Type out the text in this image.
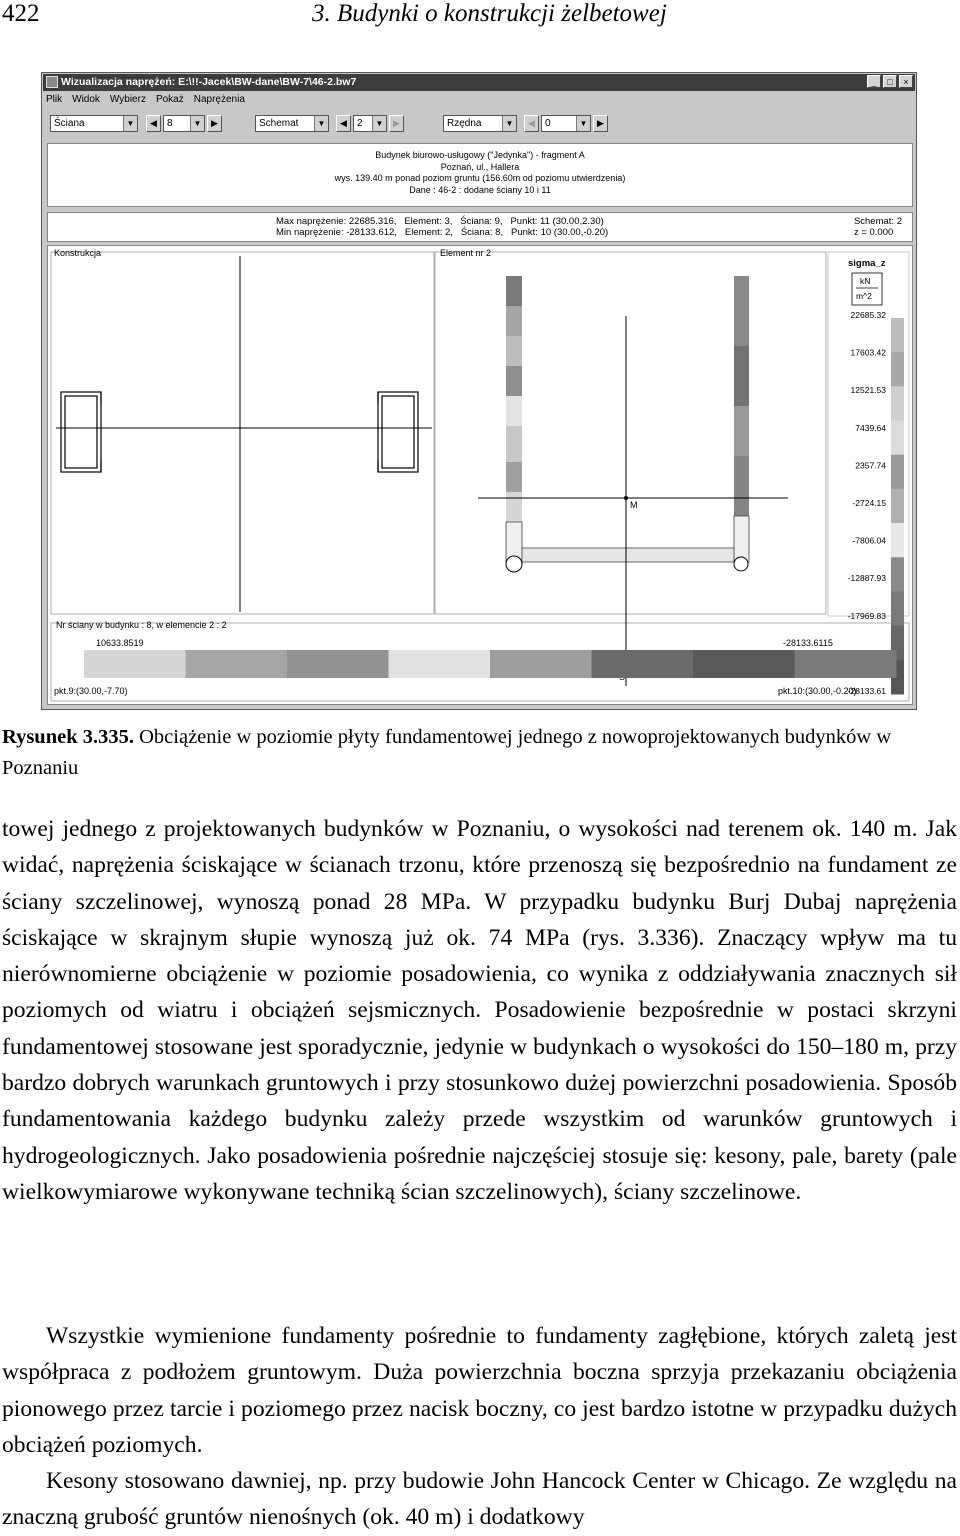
422	3. Budynki o konstrukcji żelbetowej
Wizualizacja naprężeń: E:\!!-Jacek\BW-dane\BW-7\46-2.bw7	_	□	×
Plik Widok Wybierz Pokaż Naprężenia
Ściana	▼	◀	8	▼	▶	Schemat	▼	◀	2	▼	▶	Rzędna	▼	◀	0	▼	▶
Budynek biurowo-usługowy ("Jedynka") - fragment A
Poznań, ul., Hallera
wys. 139.40 m ponad poziom gruntu (156.60m od poziomu utwierdzenia)
Dane : 46-2 : dodane ściany 10 i 11
Max naprężenie: 22685.316,   Element: 3,   Ściana: 9,   Punkt: 11 (30.00,2.30)
Min naprężenie: -28133.612,   Element: 2,   Ściana: 8,   Punkt: 10 (30.00,-0.20)
Schemat: 2
z = 0.000
Konstrukcja	Element nr 2
M
sigma_z
kN
m^2
22685.32
17603.42
12521.53
7439.64
2357.74
-2724.15
-7806.04
-12887.93
-17969.83
-28133.61
Nr ściany w budynku : 8, w elemencie 2 : 2
10633.8519	-28133.6115
pkt.9:(30.00,-7.70)	pkt.10:(30.00,-0.20)
Rysunek 3.335. Obciążenie w poziomie płyty fundamentowej jednego z nowoprojektowanych budynków w Poznaniu
towej jednego z projektowanych budynków w Poznaniu, o wysokości nad terenem ok. 140 m. Jak widać, naprężenia ściskające w ścianach trzonu, które przenoszą się bezpośrednio na fundament ze ściany szczelinowej, wynoszą ponad 28 MPa. W przypadku budynku Burj Dubaj naprężenia ściskające w skrajnym słupie wynoszą już ok. 74 MPa (rys. 3.336). Znaczący wpływ ma tu nierównomierne obciążenie w poziomie posadowienia, co wynika z oddziaływania znacznych sił poziomych od wiatru i obciążeń sejsmicznych. Posadowienie bezpośrednie w postaci skrzyni fundamentowej stosowane jest sporadycznie, jedynie w budynkach o wysokości do 150–180 m, przy bardzo dobrych warunkach gruntowych i przy stosunkowo dużej powierzchni posadowienia. Sposób fundamentowania każdego budynku zależy przede wszystkim od warunków gruntowych i hydrogeologicznych. Jako posadowienia pośrednie najczęściej stosuje się: kesony, pale, barety (pale wielkowymiarowe wykonywane techniką ścian szczelinowych), ściany szczelinowe.
Wszystkie wymienione fundamenty pośrednie to fundamenty zagłębione, których zaletą jest współpraca z podłożem gruntowym. Duża powierzchnia boczna sprzyja przekazaniu obciążenia pionowego przez tarcie i poziomego przez nacisk boczny, co jest bardzo istotne w przypadku dużych obciążeń poziomych.
Kesony stosowano dawniej, np. przy budowie John Hancock Center w Chicago. Ze względu na znaczną grubość gruntów nienośnych (ok. 40 m) i dodatkowy
